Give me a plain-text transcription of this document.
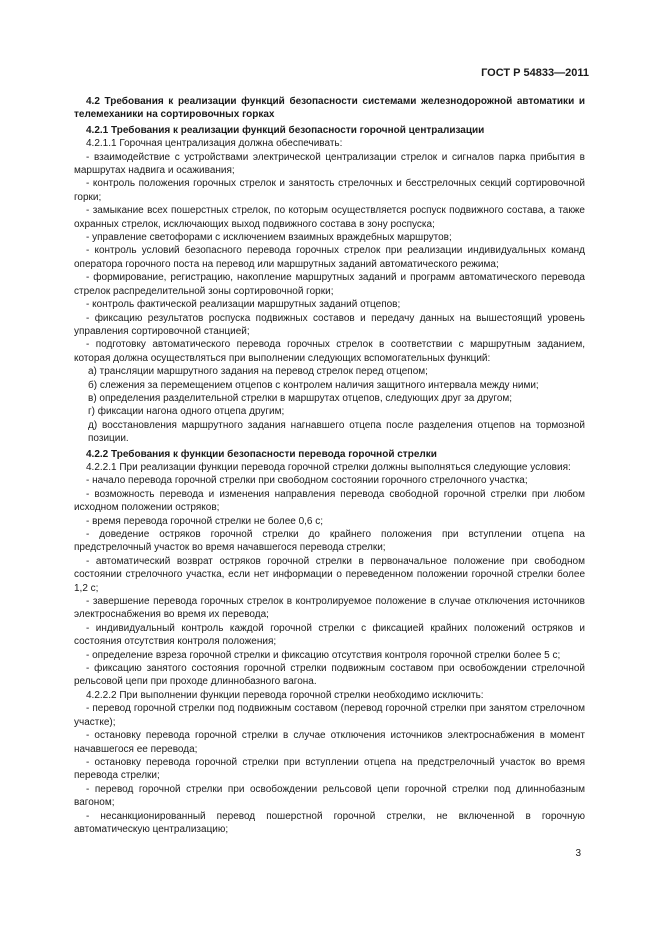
ГОСТ Р 54833—2011

4.2 Требования к реализации функций безопасности системами железнодорожной автоматики и телемеханики на сортировочных горках

4.2.1 Требования к реализации функций безопасности горочной централизации

4.2.1.1 Горочная централизация должна обеспечивать:

- взаимодействие с устройствами электрической централизации стрелок и сигналов парка прибытия в маршрутах надвига и осаживания;

- контроль положения горочных стрелок и занятость стрелочных и бесстрелочных секций сортировочной горки;

- замыкание всех пошерстных стрелок, по которым осуществляется роспуск подвижного состава, а также охранных стрелок, исключающих выход подвижного состава в зону роспуска;

- управление светофорами с исключением взаимных враждебных маршрутов;

- контроль условий безопасного перевода горочных стрелок при реализации индивидуальных команд оператора горочного поста на перевод или маршрутных заданий автоматического режима;

- формирование, регистрацию, накопление маршрутных заданий и программ автоматического перевода стрелок распределительной зоны сортировочной горки;

- контроль фактической реализации маршрутных заданий отцепов;

- фиксацию результатов роспуска подвижных составов и передачу данных на вышестоящий уровень управления сортировочной станцией;

- подготовку автоматического перевода горочных стрелок в соответствии с маршрутным заданием, которая должна осуществляться при выполнении следующих вспомогательных функций:

а) трансляции маршрутного задания на перевод стрелок перед отцепом;

б) слежения за перемещением отцепов с контролем наличия защитного интервала между ними;

в) определения разделительной стрелки в маршрутах отцепов, следующих друг за другом;

г) фиксации нагона одного отцепа другим;

д) восстановления маршрутного задания нагнавшего отцепа после разделения отцепов на тормозной позиции.

4.2.2 Требования к функции безопасности перевода горочной стрелки

4.2.2.1 При реализации функции перевода горочной стрелки должны выполняться следующие условия:

- начало перевода горочной стрелки при свободном состоянии горочного стрелочного участка;

- возможность перевода и изменения направления перевода свободной горочной стрелки при любом исходном положении остряков;

- время перевода горочной стрелки не более 0,6 с;

- доведение остряков горочной стрелки до крайнего положения при вступлении отцепа на предстрелочный участок во время начавшегося перевода стрелки;

- автоматический возврат остряков горочной стрелки в первоначальное положение при свободном состоянии стрелочного участка, если нет информации о переведенном положении горочной стрелки более 1,2 с;

- завершение перевода горочных стрелок в контролируемое положение в случае отключения источников электроснабжения во время их перевода;

- индивидуальный контроль каждой горочной стрелки с фиксацией крайних положений остряков и состояния отсутствия контроля положения;

- определение взреза горочной стрелки и фиксацию отсутствия контроля горочной стрелки более 5 с;

- фиксацию занятого состояния горочной стрелки подвижным составом при освобождении стрелочной рельсовой цепи при проходе длиннобазного вагона.

4.2.2.2 При выполнении функции перевода горочной стрелки необходимо исключить:

- перевод горочной стрелки под подвижным составом (перевод горочной стрелки при занятом стрелочном участке);

- остановку перевода горочной стрелки в случае отключения источников электроснабжения в момент начавшегося ее перевода;

- остановку перевода горочной стрелки при вступлении отцепа на предстрелочный участок во время перевода стрелки;

- перевод горочной стрелки при освобождении рельсовой цепи горочной стрелки под длиннобазным вагоном;

- несанкционированный перевод пошерстной горочной стрелки, не включенной в горочную автоматическую централизацию;

3
